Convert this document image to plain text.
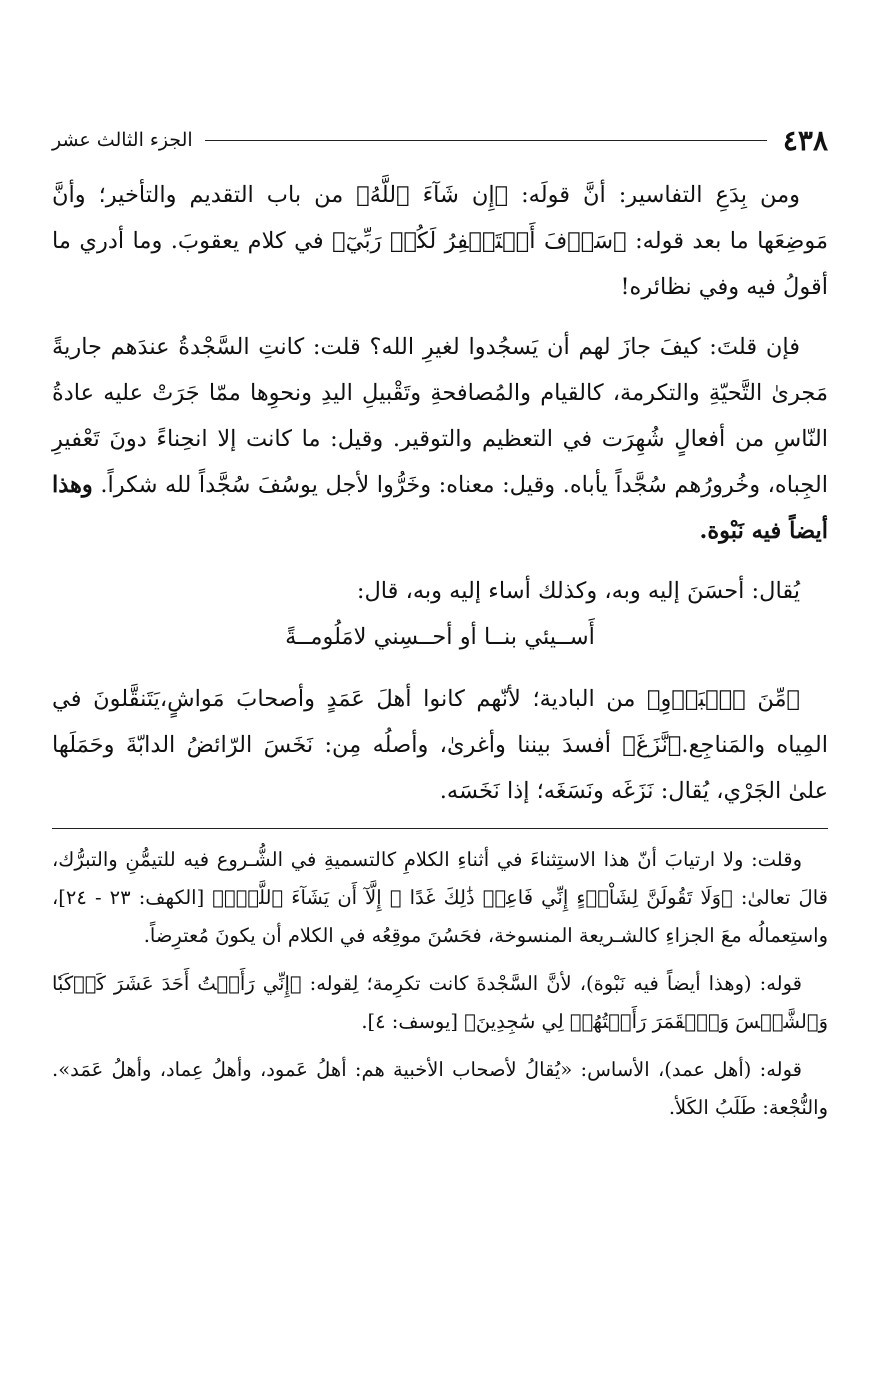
٤٣٨
الجزء الثالث عشر

ومن بِدَعِ التفاسير: أنَّ قولَه: ﴿إِن شَآءَ ٱللَّهُ﴾ من باب التقديم والتأخير؛ وأنَّ مَوضِعَها ما بعد قوله: ﴿سَوۡفَ أَسۡتَغۡفِرُ لَكُمۡ رَبِّيٓ﴾ في كلام يعقوبَ. وما أدري ما أقولُ فيه وفي نظائره!

فإن قلتَ: كيفَ جازَ لهم أن يَسجُدوا لغيرِ الله؟ قلت: كانتِ السَّجْدةُ عندَهم جاريةً مَجرىٰ التَّحيّةِ والتكرمة، كالقيام والمُصافحةِ وتَقْبيلِ اليدِ ونحوِها ممّا جَرَتْ عليه عادةُ النّاسِ من أفعالٍ شُهِرَت في التعظيم والتوقير. وقيل: ما كانت إلا انحِناءً دونَ تَعْفيرِ الجِباه، وخُرورُهم سُجَّداً يأباه. وقيل: معناه: وخَرُّوا لأجل يوسُفَ سُجَّداً لله شكراً. وهذا أيضاً فيه نَبْوة.

يُقال: أحسَنَ إليه وبه، وكذلك أساء إليه وبه، قال:

أَســيئي بنــا أو أحــسِني لامَلُومــةً

﴿مِّنَ ٱلۡبَدۡوِ﴾ من البادية؛ لأنّهم كانوا أهلَ عَمَدٍ وأصحابَ مَواشٍ،يَتَنقَّلونَ في المِياه والمَناجِع.﴿نَّزَغَ﴾ أفسدَ بيننا وأغرىٰ، وأصلُه مِن: نَخَسَ الرّائضُ الدابّةَ وحَمَلَها علىٰ الجَرْي، يُقال: نَزَغَه ونَسَغَه؛ إذا نَخَسَه.

وقلت: ولا ارتيابَ أنّ هذا الاستِثناءَ في أثناءِ الكلامِ كالتسميةِ في الشُّـروع فيه للتيمُّنِ والتبرُّك، قالَ تعالىٰ: ﴿وَلَا تَقُولَنَّ لِشَاْيۡءٍ إِنِّي فَاعِلٞ ذَٰلِكَ غَدًا ۞ إِلَّآ أَن يَشَآءَ ٱللَّهُۚ﴾ [الكهف: ٢٣ - ٢٤]، واستِعمالُه معَ الجزاءِ كالشـريعة المنسوخة، فحَسُنَ موقِعُه في الكلام أن يكونَ مُعترِضاً.

قوله: (وهذا أيضاً فيه نَبْوة)، لأنَّ السَّجْدةَ كانت تكرِمة؛ لِقوله: ﴿إِنِّي رَأَيۡتُ أَحَدَ عَشَرَ كَوۡكَبٗا وَٱلشَّمۡسَ وَٱلۡقَمَرَ رَأَيۡتُهُمۡ لِي سَٰجِدِينَ﴾ [يوسف: ٤].

قوله: (أهل عمد)، الأساس: «يُقالُ لأصحاب الأخبية هم: أهلُ عَمود، وأهلُ عِماد، وأهلُ عَمَد». والنُّجْعة: طَلَبُ الكَلأ.
